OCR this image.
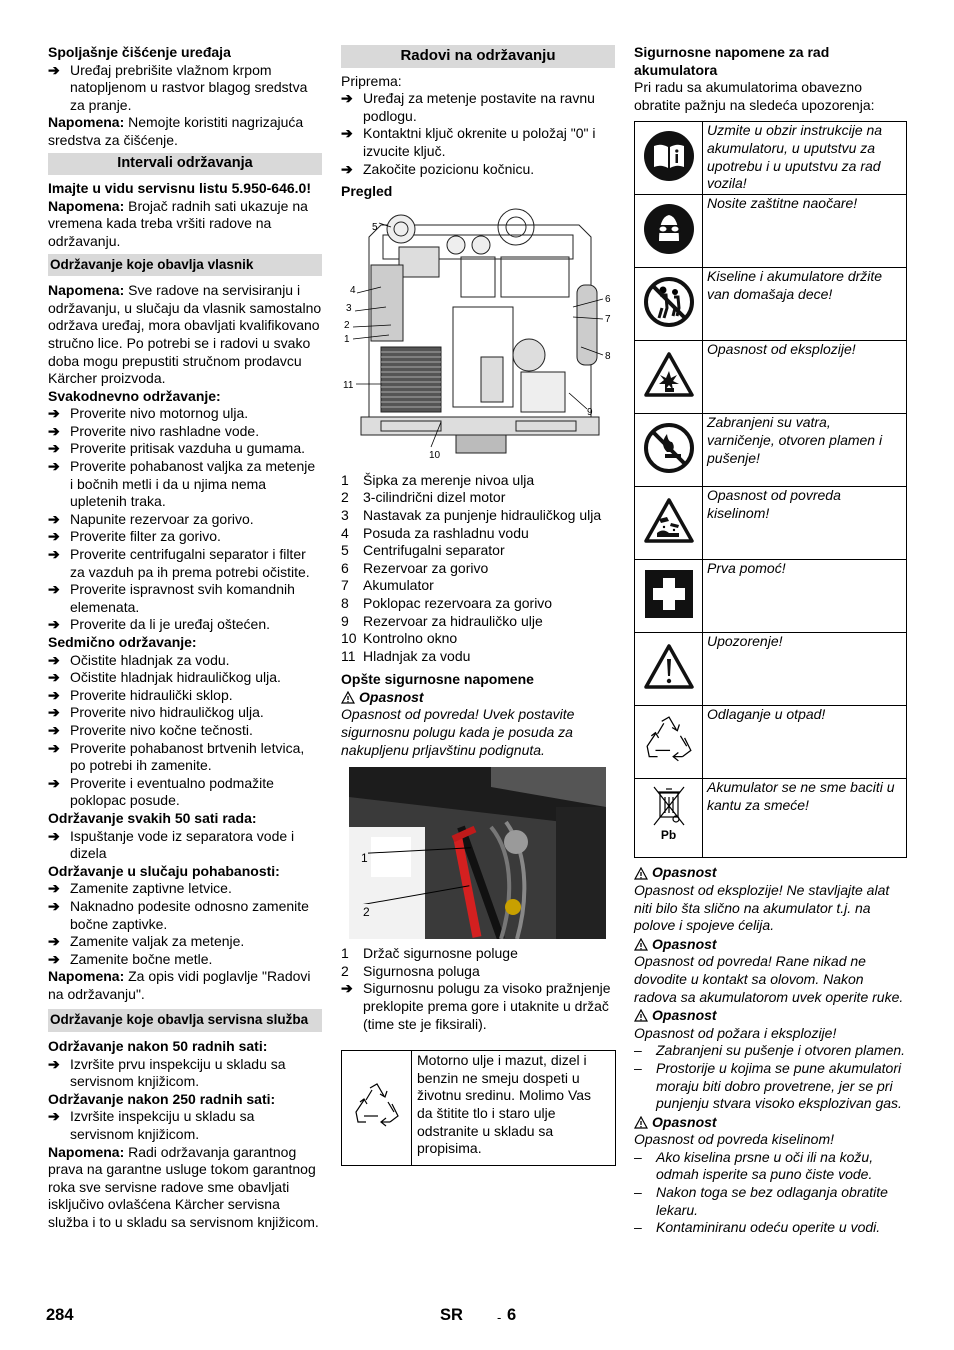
Spoljašnje čišćenje uređaja

➔ Uređaj prebrišite vlažnom krpom natopljenom u rastvor blagog sredstva za pranje.

Napomena: Nemojte koristiti nagrizajuća sredstva za čišćenje.

Intervali održavanja

Imajte u vidu servisnu listu 5.950-646.0!

Napomena: Brojač radnih sati ukazuje na vremena kada treba vršiti radove na održavanju.

Održavanje koje obavlja vlasnik

Napomena: Sve radove na servisiranju i održavanju, u slučaju da vlasnik samostalno održava uređaj, mora obavljati kvalifikovano stručno lice. Po potrebi se i radovi u svako doba mogu prepustiti stručnom prodavcu Kärcher proizvoda.

Svakodnevno održavanje:

➔ Proverite nivo motornog ulja.
➔ Proverite nivo rashladne vode.
➔ Proverite pritisak vazduha u gumama.
➔ Proverite pohabanost valjka za metenje i bočnih metli i da u njima nema upletenih traka.
➔ Napunite rezervoar za gorivo.
➔ Proverite filter za gorivo.
➔ Proverite centrifugalni separator i filter za vazduh pa ih prema potrebi očistite.
➔ Proverite ispravnost svih komandnih elemenata.
➔ Proverite da li je uređaj oštećen.

Sedmično održavanje:

➔ Očistite hladnjak za vodu.
➔ Očistite hladnjak hidrauličkog ulja.
➔ Proverite hidraulički sklop.
➔ Proverite nivo hidrauličkog ulja.
➔ Proverite nivo kočne tečnosti.
➔ Proverite pohabanost brtvenih letvica, po potrebi ih zamenite.
➔ Proverite i eventualno podmažite poklopac posude.

Održavanje svakih 50 sati rada:

➔ Ispuštanje vode iz separatora vode i dizela

Održavanje u slučaju pohabanosti:

➔ Zamenite zaptivne letvice.
➔ Naknadno podesite odnosno zamenite bočne zaptivke.
➔ Zamenite valjak za metenje.
➔ Zamenite bočne metle.

Napomena: Za opis vidi poglavlje "Radovi na održavanju".

Održavanje koje obavlja servisna služba

Održavanje nakon 50 radnih sati:

➔ Izvršite prvu inspekciju u skladu sa servisnom knjižicom.

Održavanje nakon 250 radnih sati:

➔ Izvršite inspekciju u skladu sa servisnom knjižicom.

Napomena: Radi održavanja garantnog prava na garantne usluge tokom garantnog roka sve servisne radove sme obavljati isključivo ovlašćena Kärcher servisna služba i to u skladu sa servisnom knjižicom.

Radovi na održavanju

Priprema:

➔ Uređaj za metenje postavite na ravnu podlogu.
➔ Kontaktni ključ okrenite u položaj "0" i izvucite ključ.
➔ Zakočite pozicionu kočnicu.

Pregled

5
4
3
2
1
11
10
6
7
8
9
1 Šipka za merenje nivoa ulja
2 3-cilindrični dizel motor
3 Nastavak za punjenje hidrauličkog ulja
4 Posuda za rashladnu vodu
5 Centrifugalni separator
6 Rezervoar za gorivo
7 Akumulator
8 Poklopac rezervoara za gorivo
9 Rezervoar za hidrauličko ulje
10 Kontrolno okno
11 Hladnjak za vodu

Opšte sigurnosne napomene

Opasnost

Opasnost od povreda! Uvek postavite sigurnosnu polugu kada je posuda za nakupljenu prljavštinu podignuta.

1
2
1 Držač sigurnosne poluge
2 Sigurnosna poluga
➔ Sigurnosnu polugu za visoko pražnjenje preklopite prema gore i utaknite u držač (time ste je fiksirali).
	Motorno ulje i mazut, dizel i benzin ne smeju dospeti u životnu sredinu. Molimo Vas da štitite tlo i staro ulje odstranite u skladu sa propisima.

Sigurnosne napomene za rad akumulatora

Pri radu sa akumulatorima obavezno obratite pažnju na sledeća upozorenja:

	Uzmite u obzir instrukcije na akumulatoru, u uputstvu za upotrebu i u uputstvu za rad vozila!
	Nosite zaštitne naočare!
	Kiseline i akumulatore držite van domašaja dece!
	Opasnost od eksplozije!
	Zabranjeni su vatra, varničenje, otvoren plamen i pušenje!
	Opasnost od povreda kiselinom!
	Prva pomoć!
	Upozorenje!
	Odlaganje u otpad!

Pb	Akumulator se ne sme baciti u kantu za smeće!
Opasnost

Opasnost od eksplozije! Ne stavljajte alat niti bilo šta slično na akumulator t.j. na polove i spojeve ćelija.

Opasnost

Opasnost od povreda! Rane nikad ne dovodite u kontakt sa olovom. Nakon radova sa akumulatorom uvek operite ruke.

Opasnost

Opasnost od požara i eksplozije!

– Zabranjeni su pušenje i otvoren plamen.
– Prostorije u kojima se pune akumulatori moraju biti dobro provetrene, jer se pri punjenju stvara visoko eksplozivan gas.
Opasnost

Opasnost od povreda kiselinom!

– Ako kiselina prsne u oči ili na kožu, odmah isperite sa puno čiste vode.
– Nakon toga se bez odlaganja obratite lekaru.
– Kontaminiranu odeću operite u vodi.
284	SR	- 6
